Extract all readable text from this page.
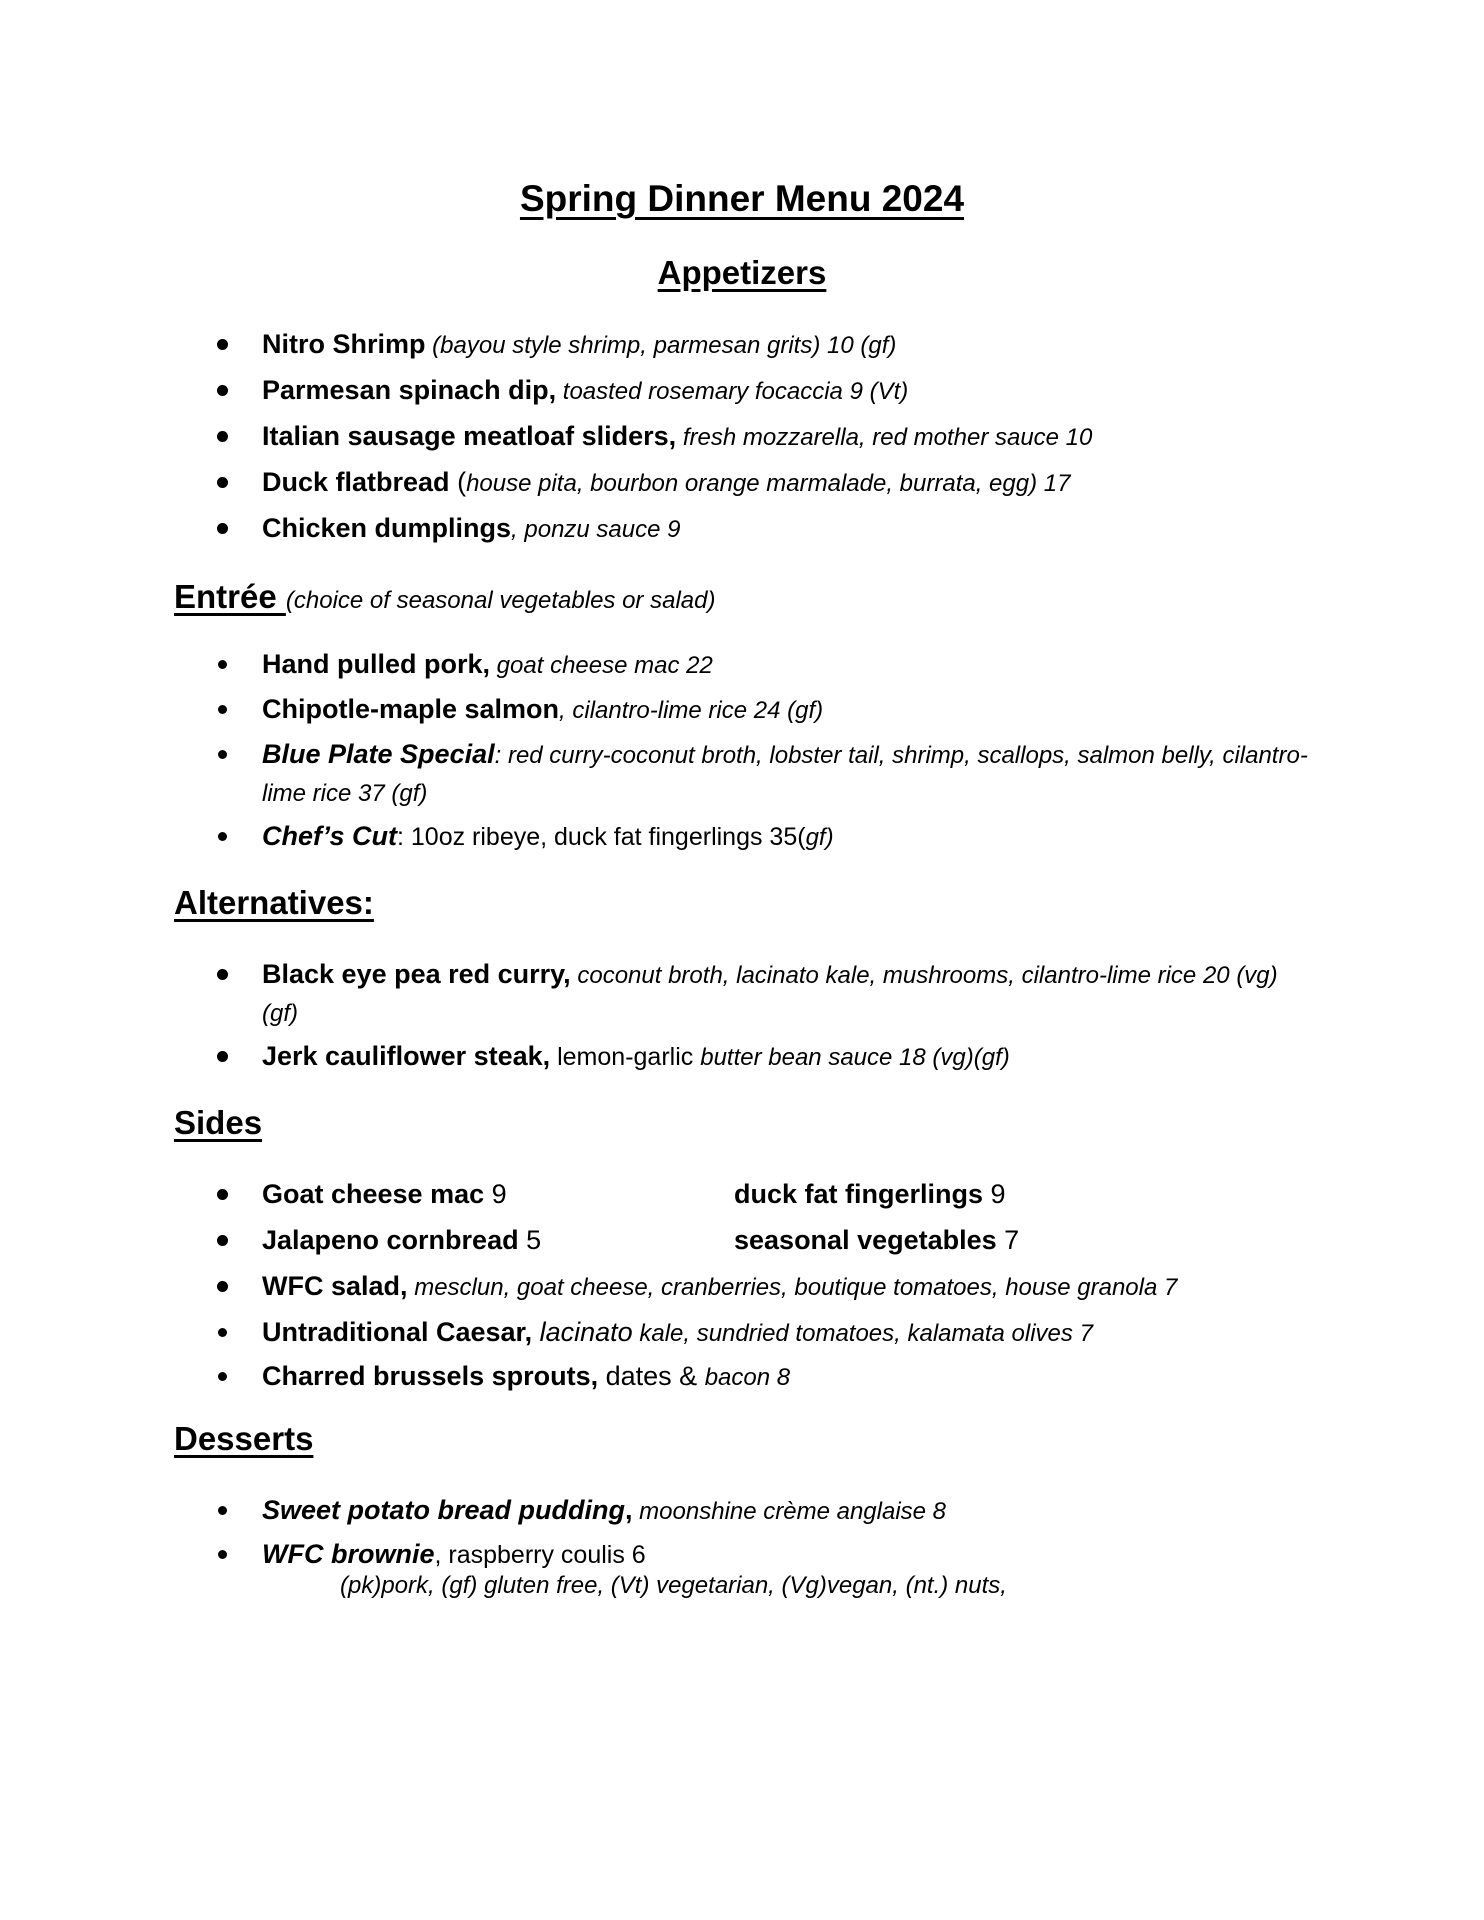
Spring Dinner Menu 2024
Appetizers
Nitro Shrimp (bayou style shrimp, parmesan grits) 10 (gf)
Parmesan spinach dip, toasted rosemary focaccia 9 (Vt)
Italian sausage meatloaf sliders, fresh mozzarella, red mother sauce 10
Duck flatbread (house pita, bourbon orange marmalade, burrata, egg) 17
Chicken dumplings, ponzu sauce 9
Entrée (choice of seasonal vegetables or salad)
Hand pulled pork, goat cheese mac 22
Chipotle-maple salmon, cilantro-lime rice 24 (gf)
Blue Plate Special: red curry-coconut broth, lobster tail, shrimp, scallops, salmon belly, cilantro-lime rice 37 (gf)
Chef’s Cut: 10oz ribeye, duck fat fingerlings 35(gf)
Alternatives:
Black eye pea red curry, coconut broth, lacinato kale, mushrooms, cilantro-lime rice 20 (vg)(gf)
Jerk cauliflower steak, lemon-garlic butter bean sauce 18 (vg)(gf)
Sides
Goat cheese mac 9	duck fat fingerlings 9
Jalapeno cornbread 5	seasonal vegetables 7
WFC salad, mesclun, goat cheese, cranberries, boutique tomatoes, house granola 7
Untraditional Caesar, lacinato kale, sundried tomatoes, kalamata olives 7
Charred brussels sprouts, dates & bacon 8
Desserts
Sweet potato bread pudding, moonshine crème anglaise 8
WFC brownie, raspberry coulis 6
(pk)pork, (gf) gluten free, (Vt) vegetarian, (Vg)vegan, (nt.) nuts,
